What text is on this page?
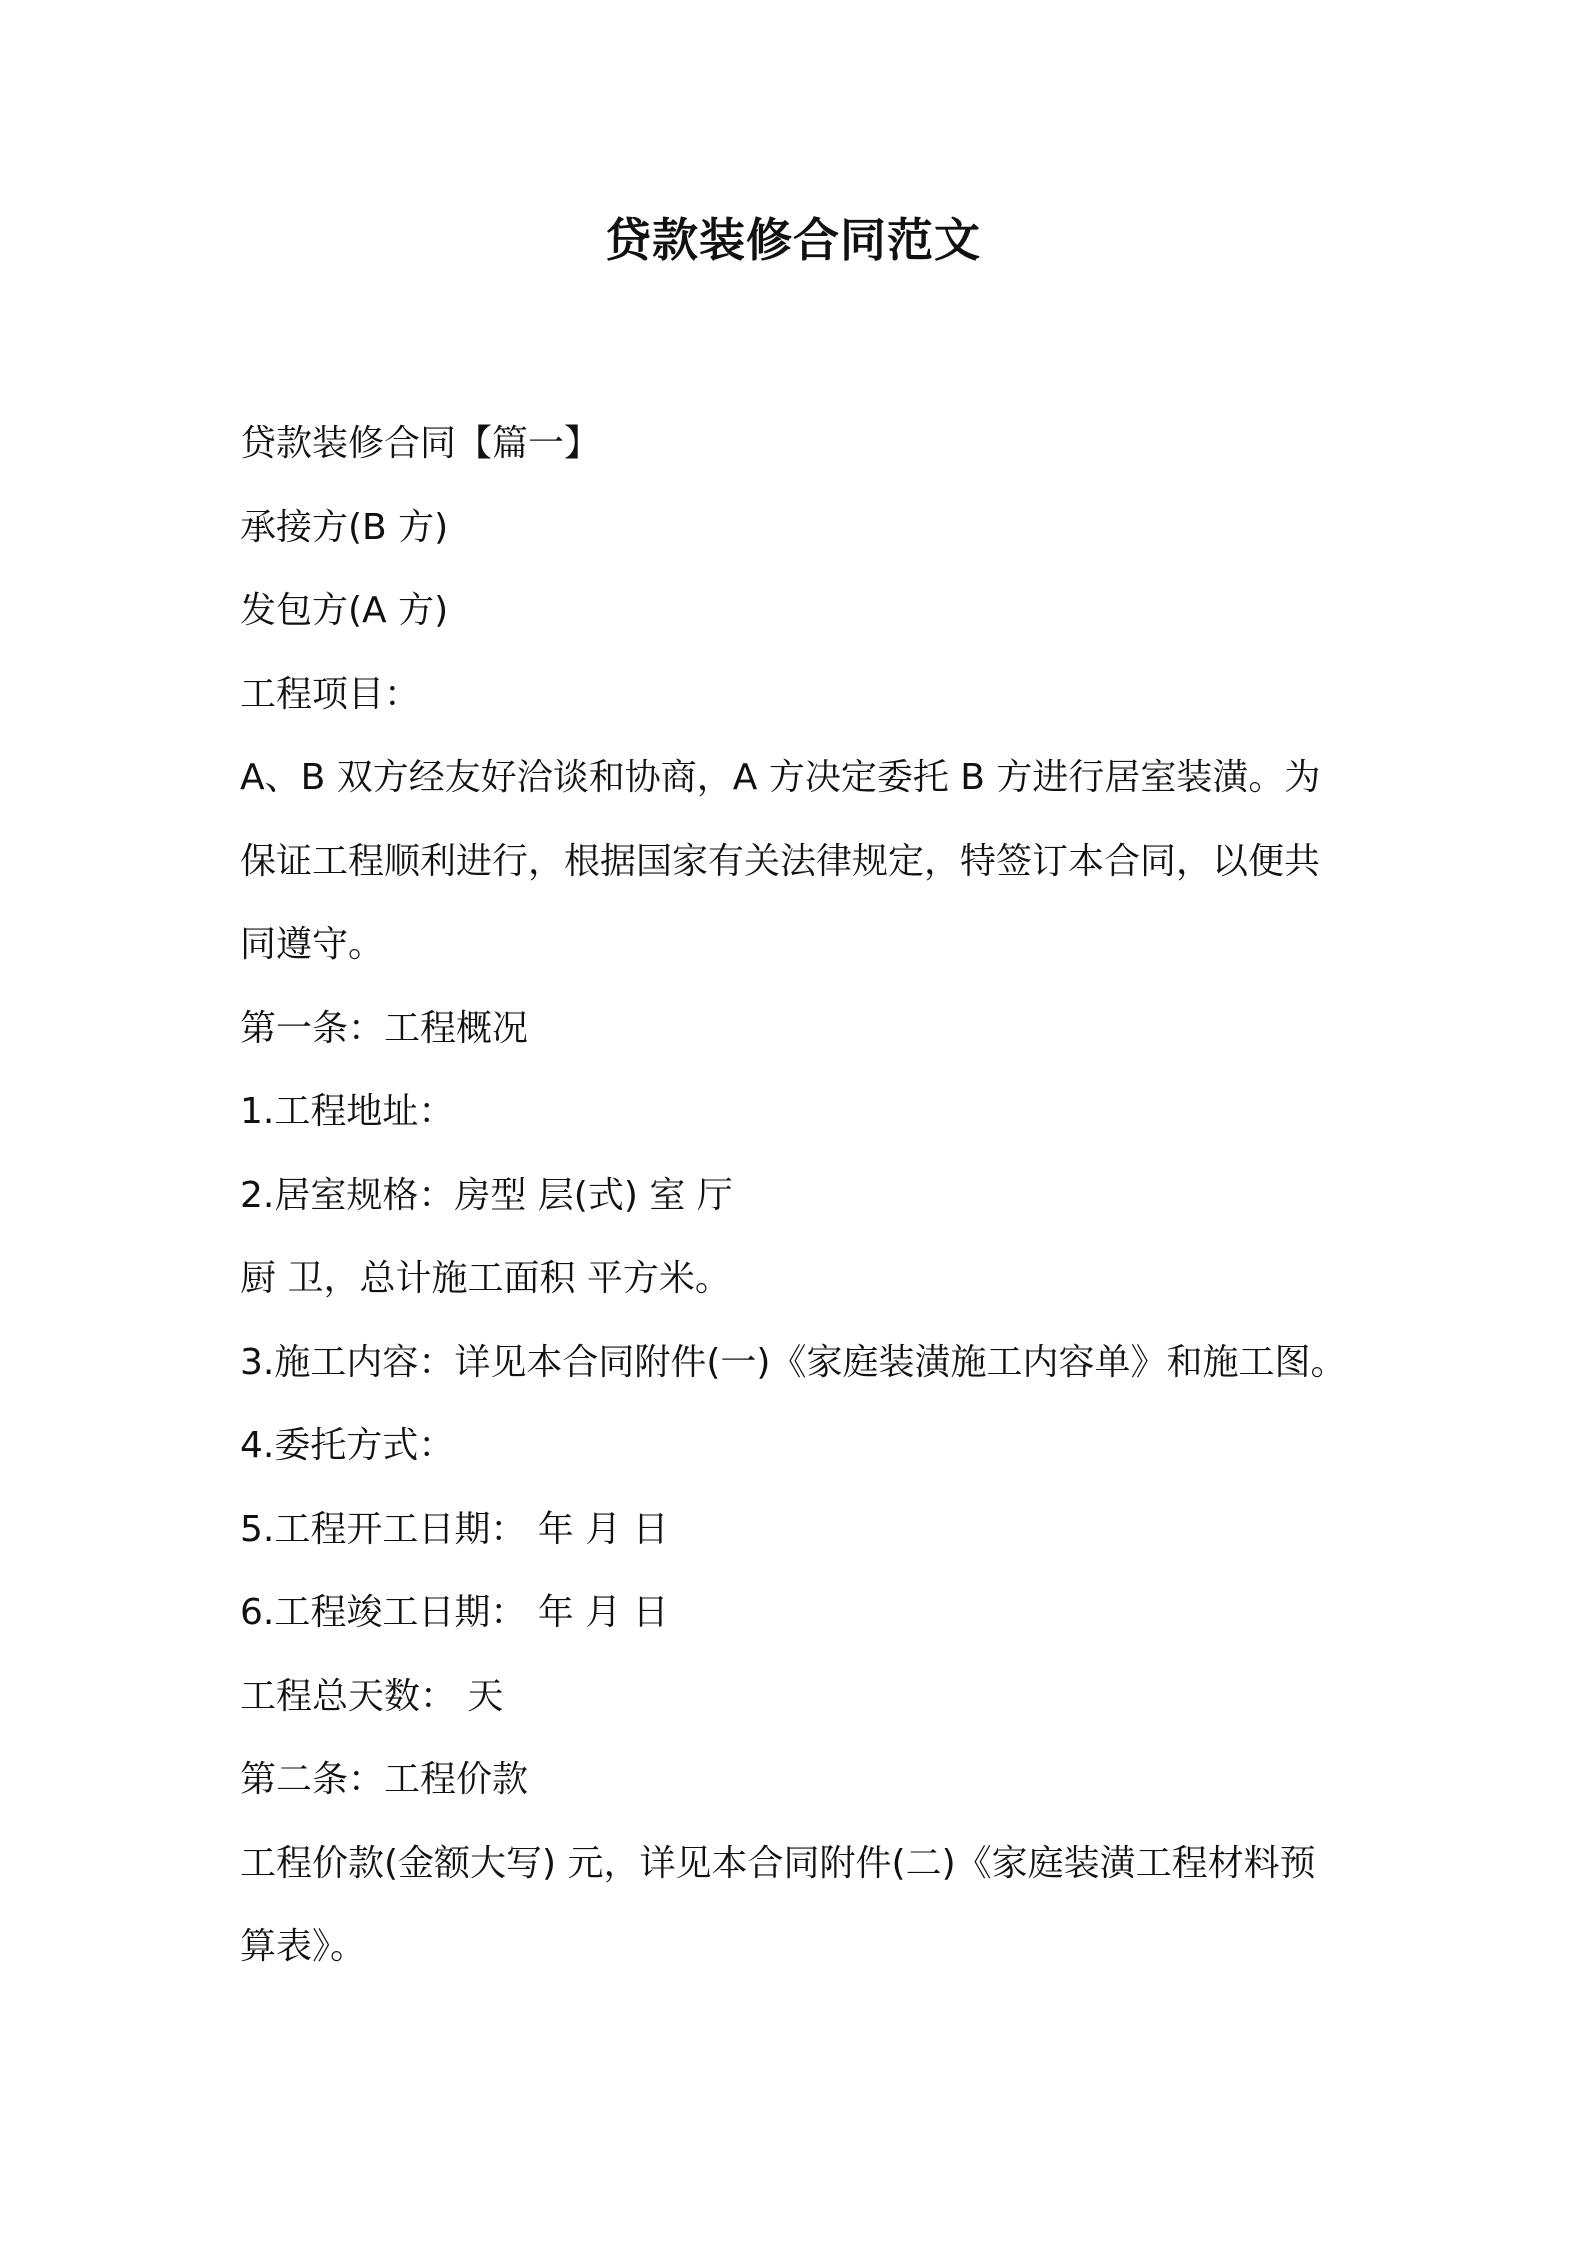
贷款装修合同范文

贷款装修合同【篇一】

承接方(B 方)

发包方(A 方)

工程项目：

A、B 双方经友好洽谈和协商，A 方决定委托 B 方进行居室装潢。为

保证工程顺利进行，根据国家有关法律规定，特签订本合同，以便共

同遵守。

第一条：工程概况

1.工程地址：

2.居室规格：房型 层(式) 室 厅

厨 卫，总计施工面积 平方米。

3.施工内容：详见本合同附件(一)《家庭装潢施工内容单》和施工图。

4.委托方式：

5.工程开工日期： 年 月 日

6.工程竣工日期： 年 月 日

工程总天数： 天

第二条：工程价款

工程价款(金额大写) 元，详见本合同附件(二)《家庭装潢工程材料预

算表》。
